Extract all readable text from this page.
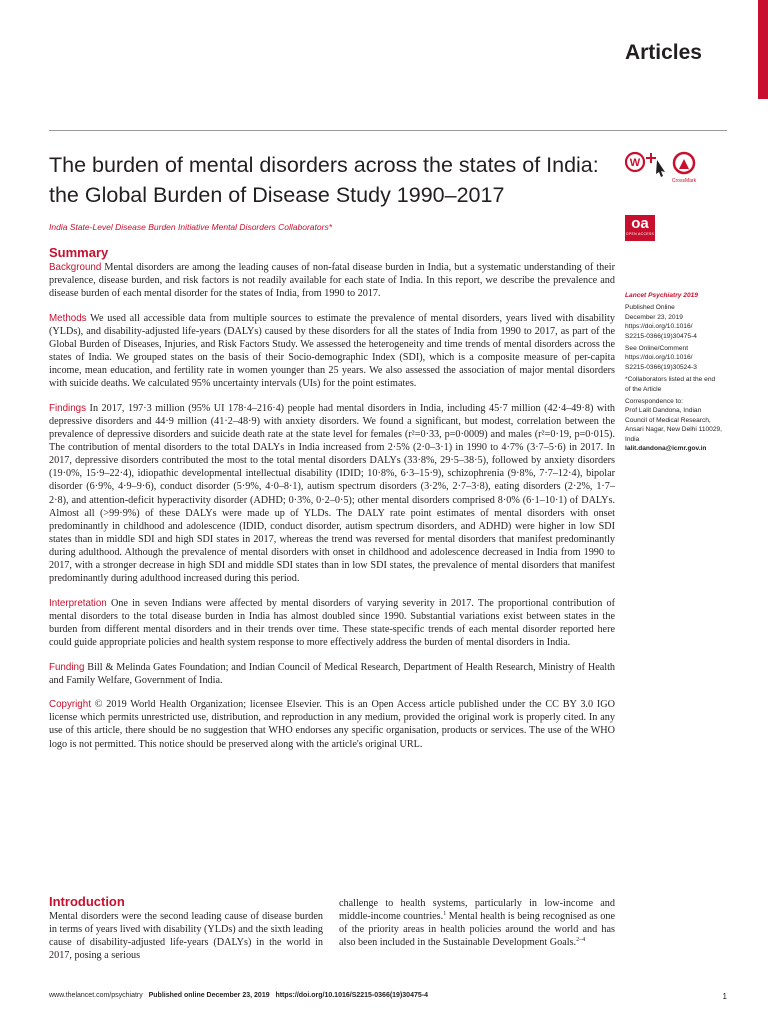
Articles
The burden of mental disorders across the states of India:
the Global Burden of Disease Study 1990–2017
W
CrossMark
oa
OPEN ACCESS
India State-Level Disease Burden Initiative Mental Disorders Collaborators*
Summary

Background Mental disorders are among the leading causes of non-fatal disease burden in India, but a systematic understanding of their prevalence, disease burden, and risk factors is not readily available for each state of India. In this report, we describe the prevalence and disease burden of each mental disorder for the states of India, from 1990 to 2017.

Methods We used all accessible data from multiple sources to estimate the prevalence of mental disorders, years lived with disability (YLDs), and disability-adjusted life-years (DALYs) caused by these disorders for all the states of India from 1990 to 2017, as part of the Global Burden of Diseases, Injuries, and Risk Factors Study. We assessed the heterogeneity and time trends of mental disorders across the states of India. We grouped states on the basis of their Socio-demographic Index (SDI), which is a composite measure of per-capita income, mean education, and fertility rate in women younger than 25 years. We also assessed the association of major mental disorders with suicide deaths. We calculated 95% uncertainty intervals (UIs) for the point estimates.

Findings In 2017, 197·3 million (95% UI 178·4–216·4) people had mental disorders in India, including 45·7 million (42·4–49·8) with depressive disorders and 44·9 million (41·2–48·9) with anxiety disorders. We found a significant, but modest, correlation between the prevalence of depressive disorders and suicide death rate at the state level for females (r²=0·33, p=0·0009) and males (r²=0·19, p=0·015). The contribution of mental disorders to the total DALYs in India increased from 2·5% (2·0–3·1) in 1990 to 4·7% (3·7–5·6) in 2017. In 2017, depressive disorders contributed the most to the total mental disorders DALYs (33·8%, 29·5–38·5), followed by anxiety disorders (19·0%, 15·9–22·4), idiopathic developmental intellectual disability (IDID; 10·8%, 6·3–15·9), schizophrenia (9·8%, 7·7–12·4), bipolar disorder (6·9%, 4·9–9·6), conduct disorder (5·9%, 4·0–8·1), autism spectrum disorders (3·2%, 2·7–3·8), eating disorders (2·2%, 1·7–2·8), and attention-deficit hyperactivity disorder (ADHD; 0·3%, 0·2–0·5); other mental disorders comprised 8·0% (6·1–10·1) of DALYs. Almost all (>99·9%) of these DALYs were made up of YLDs. The DALY rate point estimates of mental disorders with onset predominantly in childhood and adolescence (IDID, conduct disorder, autism spectrum disorders, and ADHD) were higher in low SDI states than in middle SDI and high SDI states in 2017, whereas the trend was reversed for mental disorders that manifest predominantly during adulthood. Although the prevalence of mental disorders with onset in childhood and adolescence decreased in India from 1990 to 2017, with a stronger decrease in high SDI and middle SDI states than in low SDI states, the prevalence of mental disorders that manifest predominantly during adulthood increased during this period.

Interpretation One in seven Indians were affected by mental disorders of varying severity in 2017. The proportional contribution of mental disorders to the total disease burden in India has almost doubled since 1990. Substantial variations exist between states in the burden from different mental disorders and in their trends over time. These state-specific trends of each mental disorder reported here could guide appropriate policies and health system response to more effectively address the burden of mental disorders in India.

Funding Bill & Melinda Gates Foundation; and Indian Council of Medical Research, Department of Health Research, Ministry of Health and Family Welfare, Government of India.

Copyright © 2019 World Health Organization; licensee Elsevier. This is an Open Access article published under the CC BY 3.0 IGO license which permits unrestricted use, distribution, and reproduction in any medium, provided the original work is properly cited. In any use of this article, there should be no suggestion that WHO endorses any specific organisation, products or services. The use of the WHO logo is not permitted. This notice should be preserved along with the article's original URL.

Lancet Psychiatry 2019
Published Online
December 23, 2019
https://doi.org/10.1016/
S2215-0366(19)30475-4
See Online/Comment
https://doi.org/10.1016/
S2215-0366(19)30524-3
*Collaborators listed at the end
of the Article
Correspondence to:
Prof Lalit Dandona, Indian
Council of Medical Research,
Ansari Nagar, New Delhi 110029,
India
lalit.dandona@icmr.gov.in
Introduction
Mental disorders were the second leading cause of disease burden in terms of years lived with disability (YLDs) and the sixth leading cause of disability-adjusted life-years (DALYs) in the world in 2017, posing a serious
challenge to health systems, particularly in low-income and middle-income countries.$^1$ Mental health is being recognised as one of the priority areas in health policies around the world and has also been included in the Sustainable Development Goals.$^{2-4}$
www.thelancet.com/psychiatry Published online December 23, 2019 https://doi.org/10.1016/S2215-0366(19)30475-4	1
